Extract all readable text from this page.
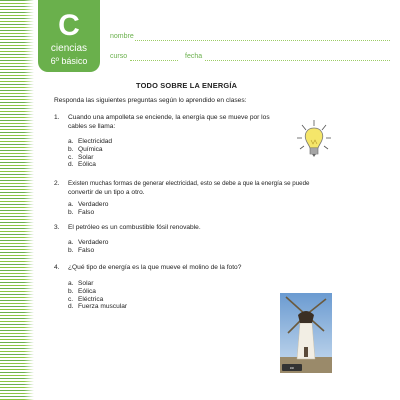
C
ciencias
6º básico
nombre
curso	fecha
TODO SOBRE LA ENERGÍA
Responda las siguientes preguntas según lo aprendido en clases:
1. Cuando una ampolleta se enciende, la energía que se mueve por los
cables se llama:
a. Electricidad
b. Química
c. Solar
d. Eólica
2. Existen muchas formas de generar electricidad, esto se debe a que la energía se puede
convertir de un tipo a otro.
a. Verdadero
b. Falso
3. El petróleo es un combustible fósil renovable.
a. Verdadero
b. Falso
4. ¿Qué tipo de energía es la que mueve el molino de la foto?
a. Solar
b. Eólica
c. Eléctrica
d. Fuerza muscular
cc
